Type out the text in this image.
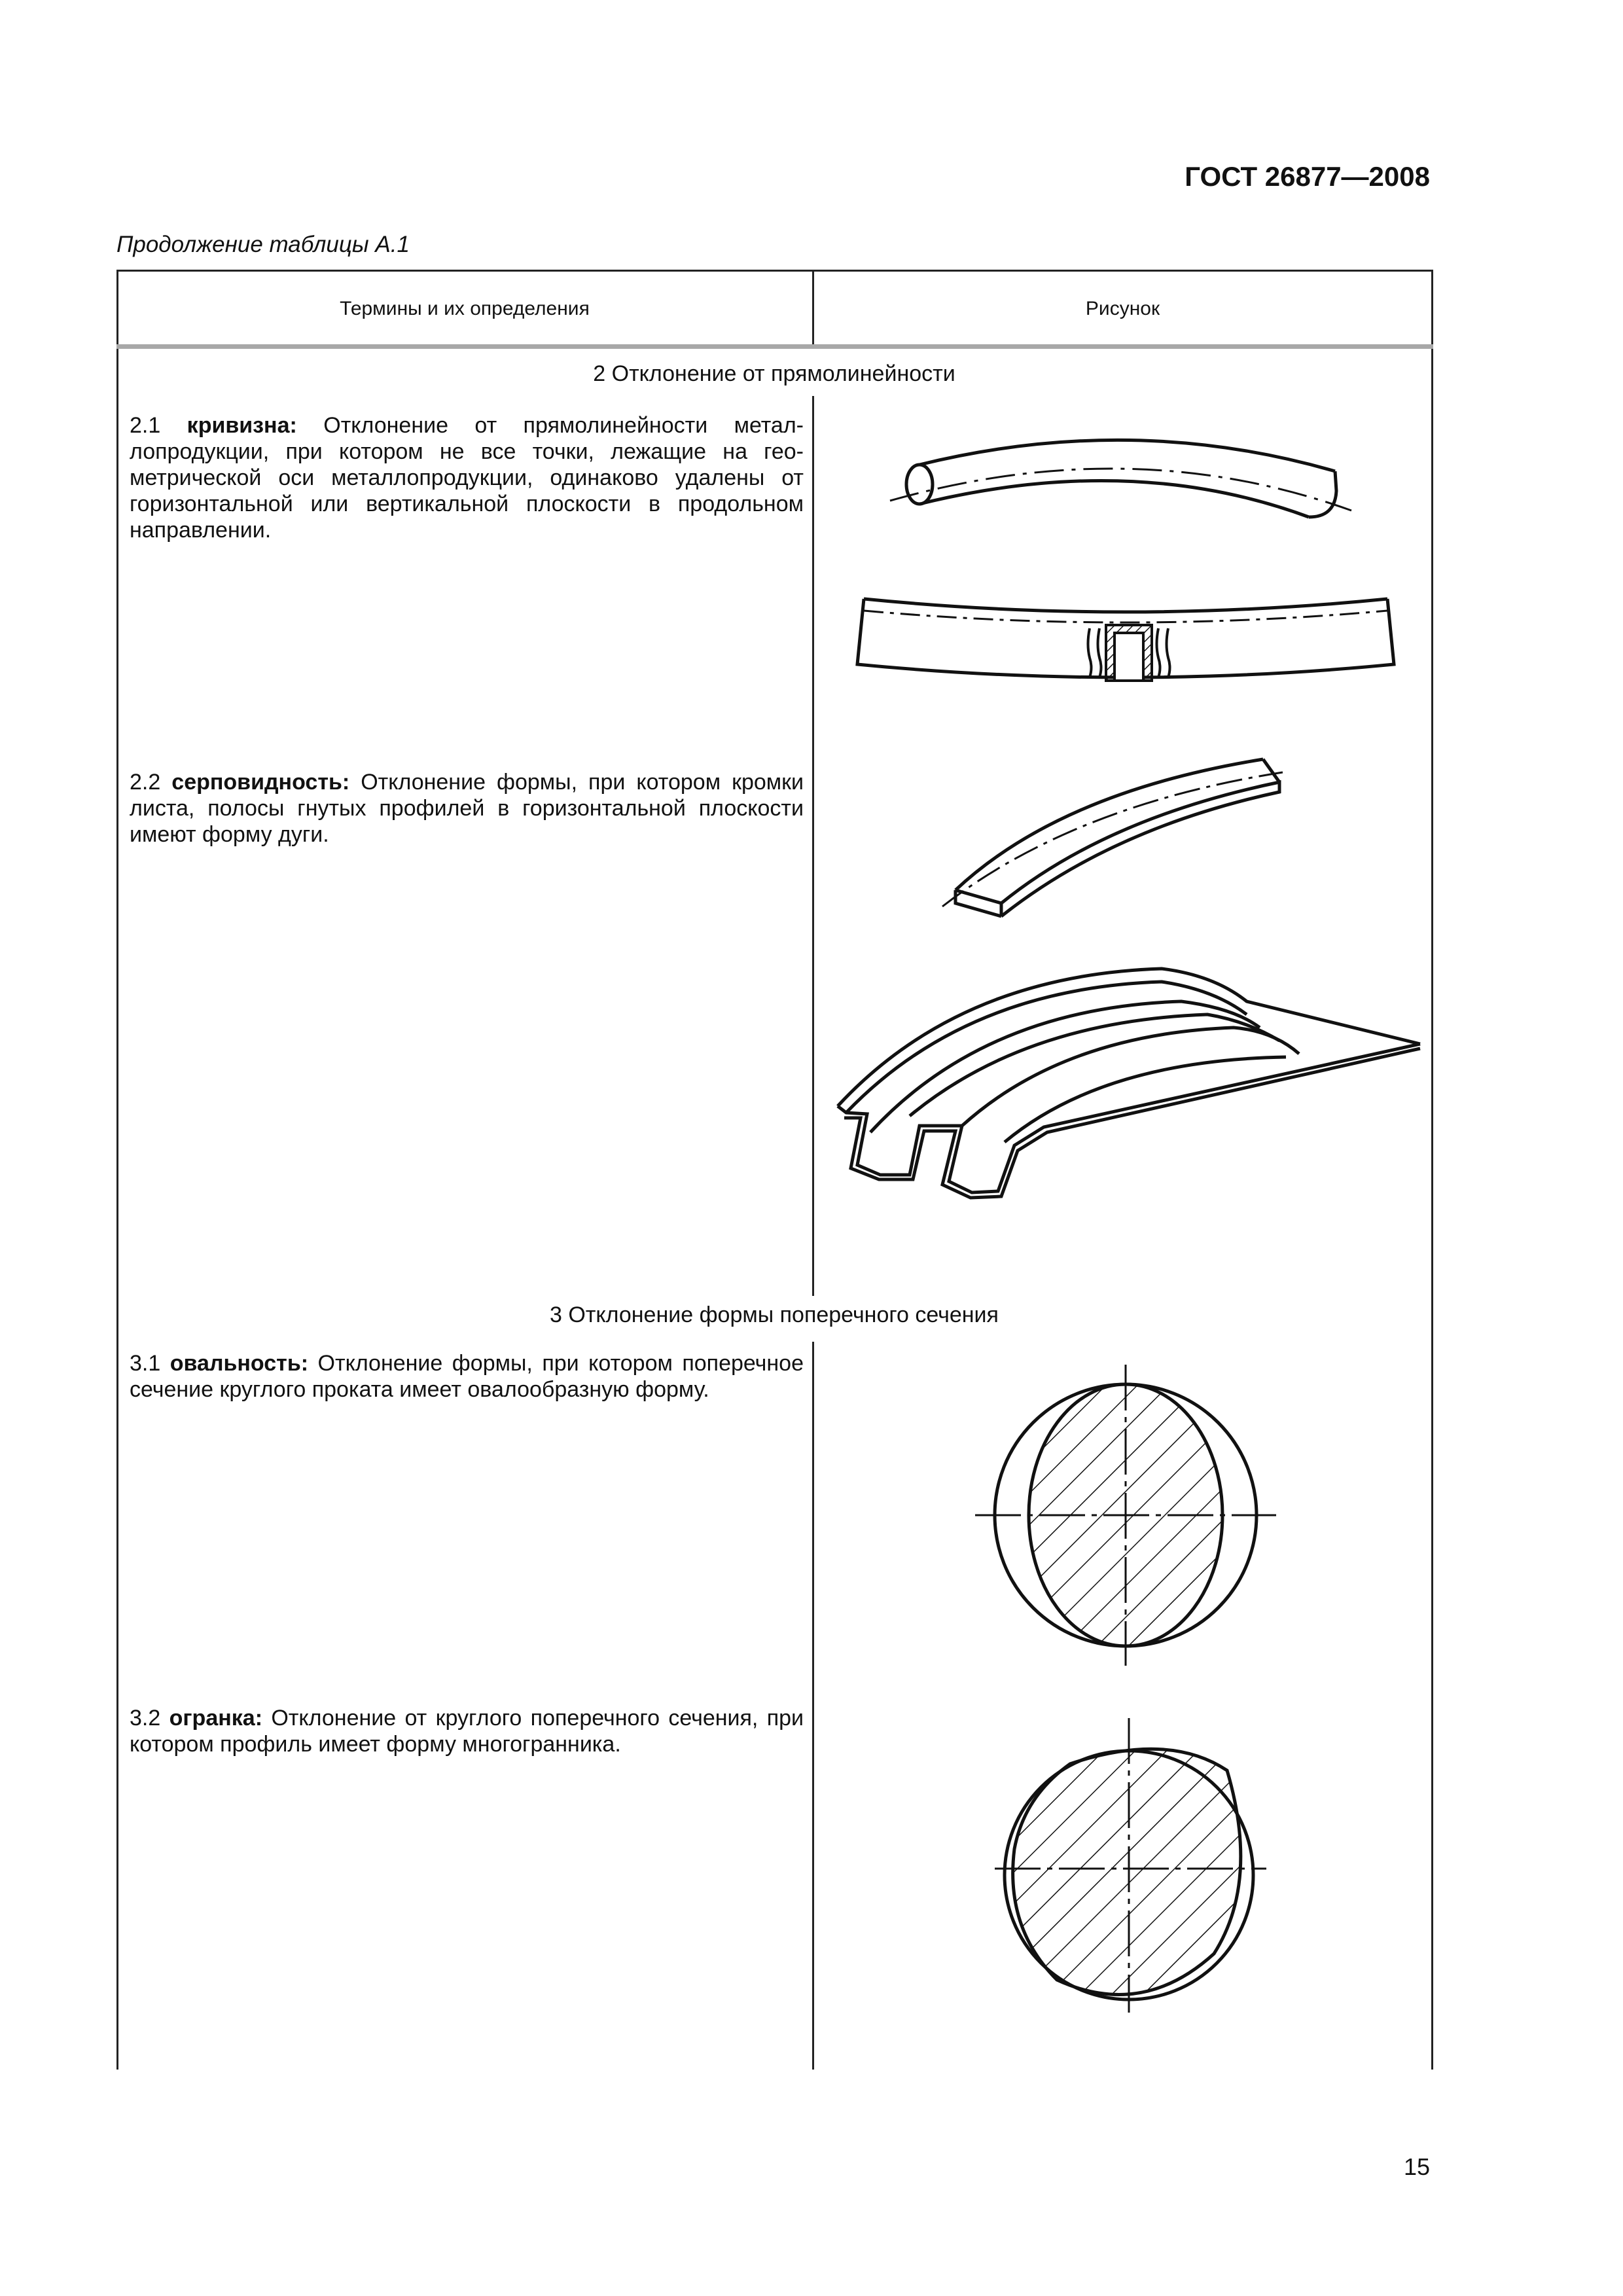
ГОСТ 26877—2008
Продолжение таблицы А.1
Термины и их определения	Рисунок
2 Отклонение от прямолинейности
2.1 кривизна: Отклонение от прямолинейности металлопродукции, при котором не все точки, лежащие на геометрической оси металлопродукции, одинаково удалены от горизонтальной или вертикальной плоскости в продольном направлении.
2.2 серповидность: Отклонение формы, при котором кромки листа, полосы гнутых профилей в горизонтальной плоскости имеют форму дуги.
3 Отклонение формы поперечного сечения
3.1 овальность: Отклонение формы, при котором поперечное сечение круглого проката имеет овалообразную форму.
3.2 огранка: Отклонение от круглого поперечного сечения, при котором профиль имеет форму многогранника.
15
